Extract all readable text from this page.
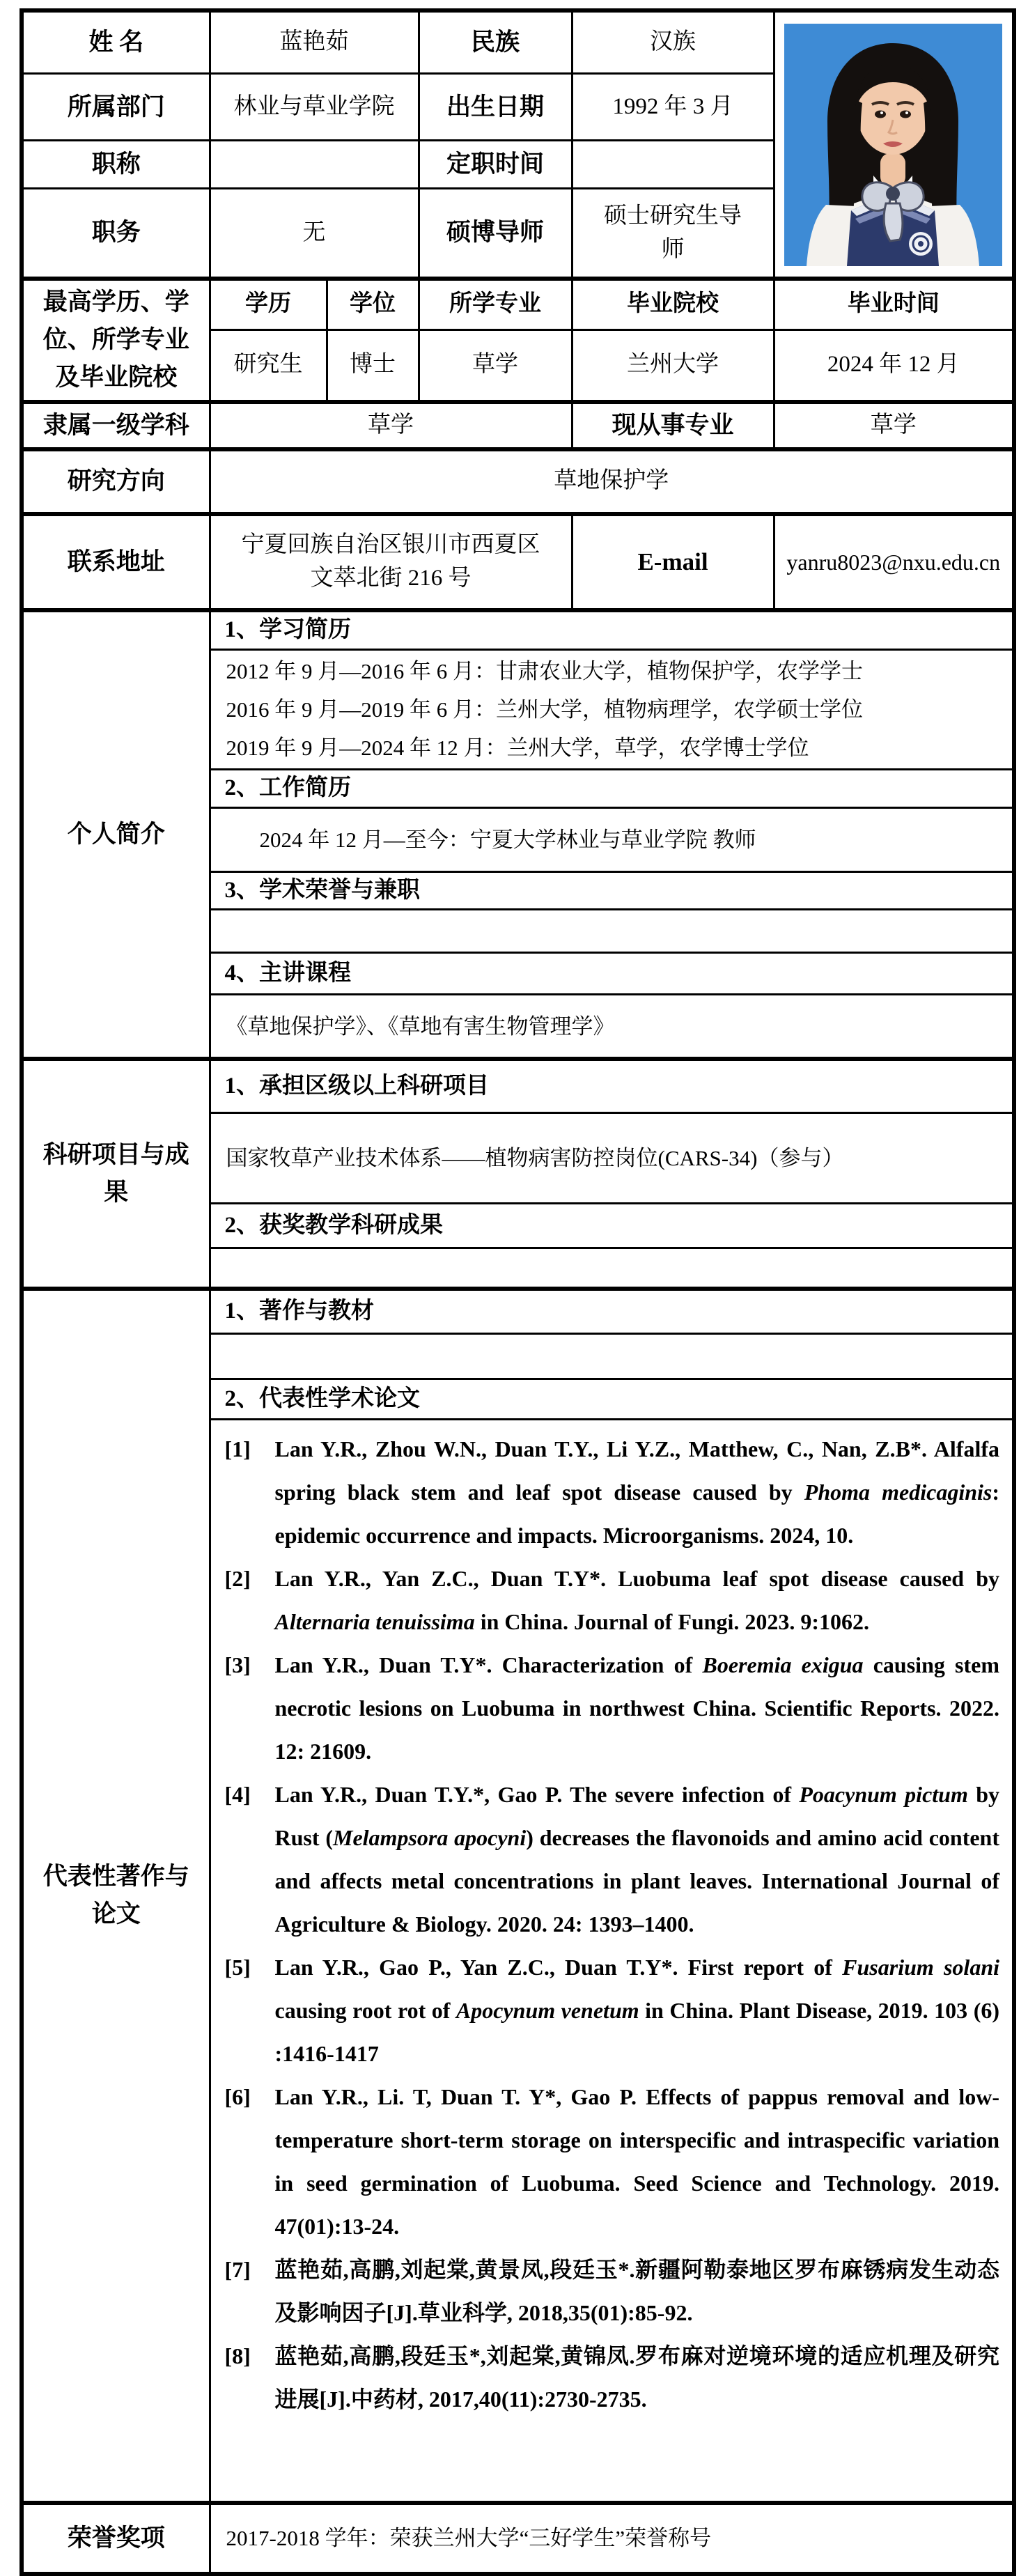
姓 名	蓝艳茹		民族	汉族	
所属部门	林业与草业学院		出生日期	1992 年 3 月	
职称			定职时间		
职务	无		硕博导师	硕士研究生导师	
最高学历、学位、所学专业及毕业院校	学历	学位	所学专业	毕业院校	毕业时间
	研究生	博士	草学	兰州大学	2024 年 12 月
隶属一级学科	草学			现从事专业	草学
研究方向	草地保护学				
联系地址	宁夏回族自治区银川市西夏区文萃北街 216 号			E-mail	yanru8023@nxu.edu.cn
个人简介	1、学习简历				

	2012 年 9 月—2016 年 6 月：甘肃农业大学，植物保护学，农学学士
2016 年 9 月—2019 年 6 月：兰州大学，植物病理学，农学硕士学位
2019 年 9 月—2024 年 12 月：兰州大学，草学，农学博士学位				

	2、工作简历				

	2024 年 12 月—至今：宁夏大学林业与草业学院 教师				

	3、学术荣誉与兼职				

	4、主讲课程				

	《草地保护学》、《草地有害生物管理学》				

科研项目与成果	1、承担区级以上科研项目				

	国家牧草产业技术体系——植物病害防控岗位(CARS-34)（参与）				

	2、获奖教学科研成果				

代表性著作与论文	1、著作与教材				

	2、代表性学术论文				

[1]	Lan Y.R., Zhou W.N., Duan T.Y., Li Y.Z., Matthew, C., Nan, Z.B*. Alfalfa spring black stem and leaf spot disease caused by Phoma medicaginis: epidemic occurrence and impacts. Microorganisms. 2024, 10.
[2]	Lan Y.R., Yan Z.C., Duan T.Y*. Luobuma leaf spot disease caused by Alternaria tenuissima in China. Journal of Fungi. 2023. 9:1062.
[3]	Lan Y.R., Duan T.Y*. Characterization of Boeremia exigua causing stem necrotic lesions on Luobuma in northwest China. Scientific Reports. 2022. 12: 21609.
[4]	Lan Y.R., Duan T.Y.*, Gao P. The severe infection of Poacynum pictum by Rust (Melampsora apocyni) decreases the flavonoids and amino acid content and affects metal concentrations in plant leaves. International Journal of Agriculture & Biology. 2020. 24: 1393–1400.
[5]	Lan Y.R., Gao P., Yan Z.C., Duan T.Y*. First report of Fusarium solani causing root rot of Apocynum venetum in China. Plant Disease, 2019. 103 (6) :1416-1417
[6]	Lan Y.R., Li. T, Duan T. Y*, Gao P. Effects of pappus removal and low-temperature short-term storage on interspecific and intraspecific variation in seed germination of Luobuma. Seed Science and Technology. 2019. 47(01):13-24.
[7]	蓝艳茹,高鹏,刘起棠,黄景凤,段廷玉*.新疆阿勒泰地区罗布麻锈病发生动态及影响因子[J].草业科学, 2018,35(01):85-92.
[8]	蓝艳茹,高鹏,段廷玉*,刘起棠,黄锦凤.罗布麻对逆境环境的适应机理及研究进展[J].中药材, 2017,40(11):2730-2735.

荣誉奖项	2017-2018 学年：荣获兰州大学“三好学生”荣誉称号				
